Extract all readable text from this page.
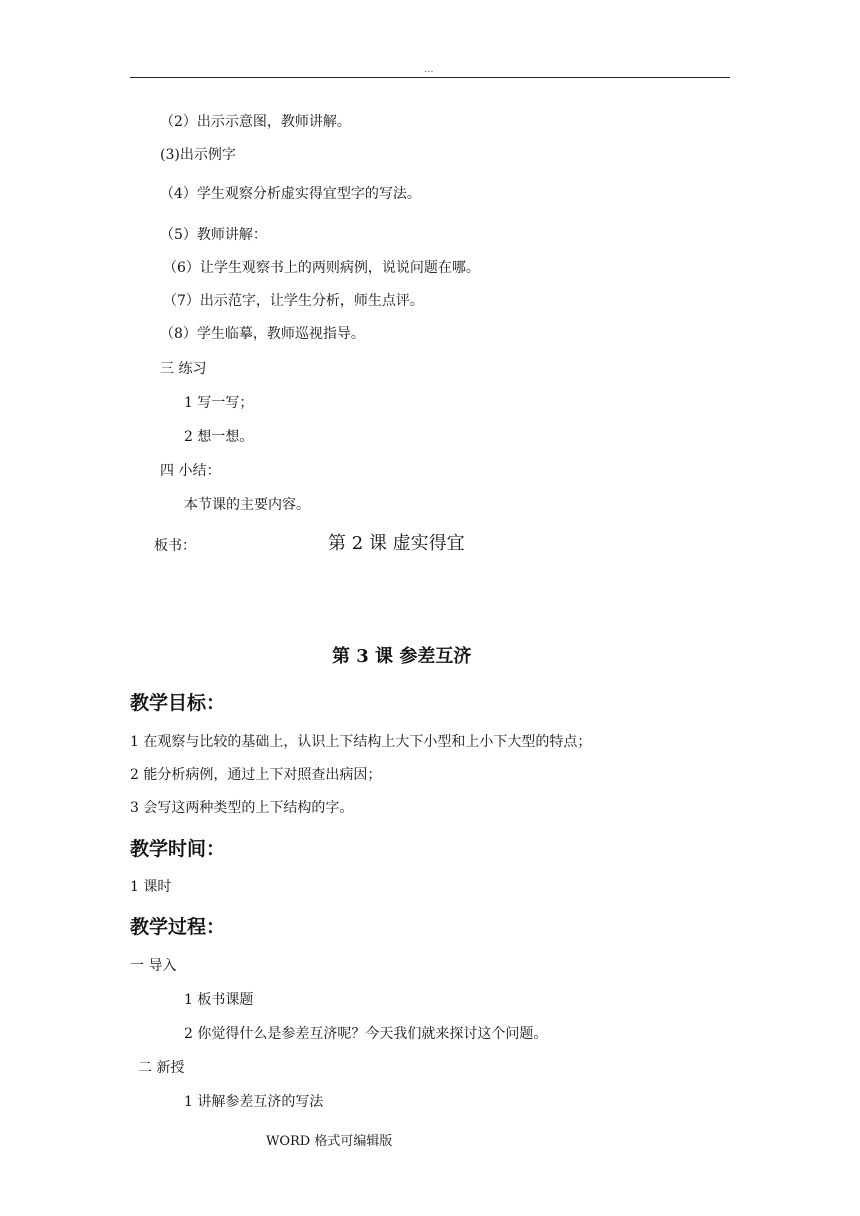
...
（2）出示示意图，教师讲解。
(3)出示例字
（4）学生观察分析虚实得宜型字的写法。
（5）教师讲解：
（6）让学生观察书上的两则病例，说说问题在哪。
（7）出示范字，让学生分析，师生点评。
（8）学生临摹，教师巡视指导。
三 练习
1 写一写；
2 想一想。
四 小结：
本节课的主要内容。
板书：	第 2 课 虚实得宜
第 3 课 参差互济
教学目标：
1 在观察与比较的基础上，认识上下结构上大下小型和上小下大型的特点；
2 能分析病例，通过上下对照查出病因；
3 会写这两种类型的上下结构的字。
教学时间：
1 课时
教学过程：
一 导入
1 板书课题
2 你觉得什么是参差互济呢？今天我们就来探讨这个问题。
二 新授
1 讲解参差互济的写法
WORD 格式可编辑版
